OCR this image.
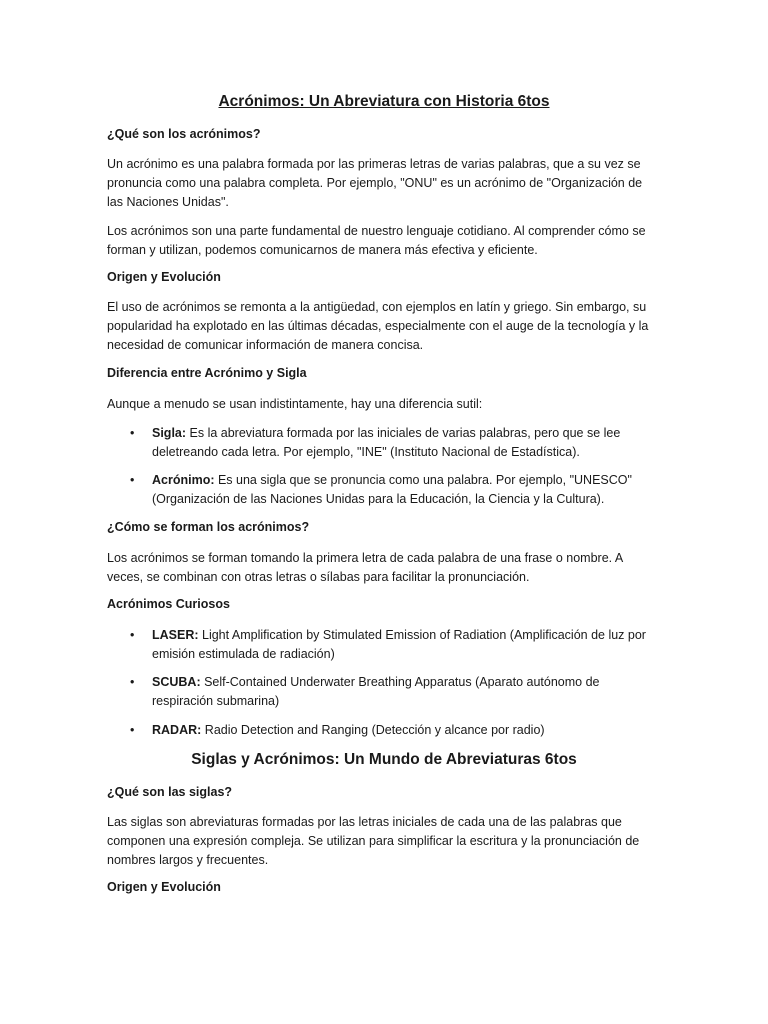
Acrónimos: Un Abreviatura con Historia 6tos
¿Qué son los acrónimos?
Un acrónimo es una palabra formada por las primeras letras de varias palabras, que a su vez se pronuncia como una palabra completa. Por ejemplo, "ONU" es un acrónimo de "Organización de las Naciones Unidas".
Los acrónimos son una parte fundamental de nuestro lenguaje cotidiano. Al comprender cómo se forman y utilizan, podemos comunicarnos de manera más efectiva y eficiente.
Origen y Evolución
El uso de acrónimos se remonta a la antigüedad, con ejemplos en latín y griego. Sin embargo, su popularidad ha explotado en las últimas décadas, especialmente con el auge de la tecnología y la necesidad de comunicar información de manera concisa.
Diferencia entre Acrónimo y Sigla
Aunque a menudo se usan indistintamente, hay una diferencia sutil:
• Sigla: Es la abreviatura formada por las iniciales de varias palabras, pero que se lee deletreando cada letra. Por ejemplo, "INE" (Instituto Nacional de Estadística).
• Acrónimo: Es una sigla que se pronuncia como una palabra. Por ejemplo, "UNESCO" (Organización de las Naciones Unidas para la Educación, la Ciencia y la Cultura).
¿Cómo se forman los acrónimos?
Los acrónimos se forman tomando la primera letra de cada palabra de una frase o nombre. A veces, se combinan con otras letras o sílabas para facilitar la pronunciación.
Acrónimos Curiosos
• LASER: Light Amplification by Stimulated Emission of Radiation (Amplificación de luz por emisión estimulada de radiación)
• SCUBA: Self-Contained Underwater Breathing Apparatus (Aparato autónomo de respiración submarina)
• RADAR: Radio Detection and Ranging (Detección y alcance por radio)
Siglas y Acrónimos: Un Mundo de Abreviaturas 6tos
¿Qué son las siglas?
Las siglas son abreviaturas formadas por las letras iniciales de cada una de las palabras que componen una expresión compleja. Se utilizan para simplificar la escritura y la pronunciación de nombres largos y frecuentes.
Origen y Evolución
